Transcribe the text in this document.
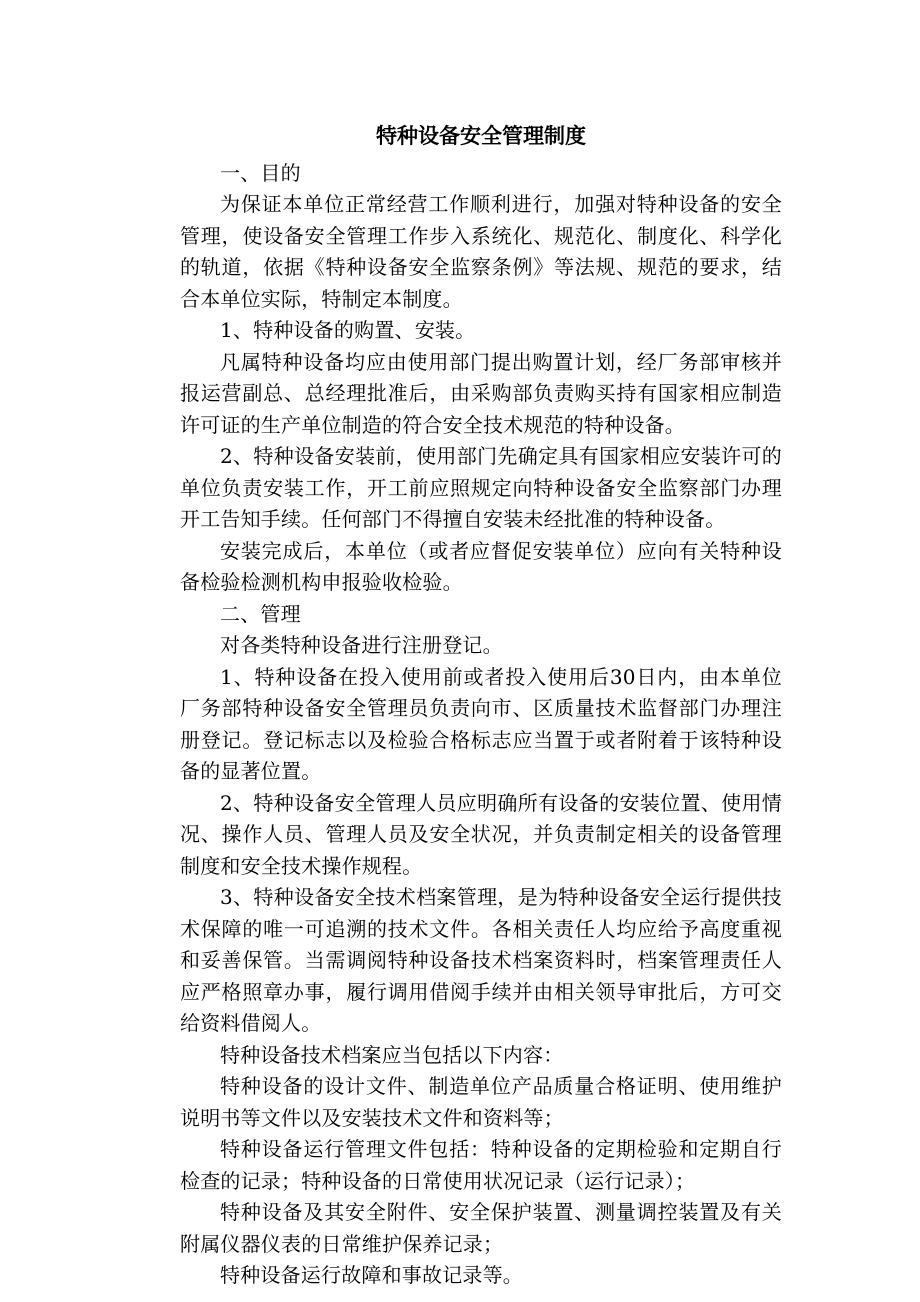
特种设备安全管理制度

一、目的

为保证本单位正常经营工作顺利进行，加强对特种设备的安全管理，使设备安全管理工作步入系统化、规范化、制度化、科学化的轨道，依据《特种设备安全监察条例》等法规、规范的要求，结合本单位实际，特制定本制度。

1、特种设备的购置、安装。

凡属特种设备均应由使用部门提出购置计划，经厂务部审核并报运营副总、总经理批准后，由采购部负责购买持有国家相应制造许可证的生产单位制造的符合安全技术规范的特种设备。

2、特种设备安装前，使用部门先确定具有国家相应安装许可的单位负责安装工作，开工前应照规定向特种设备安全监察部门办理开工告知手续。任何部门不得擅自安装未经批准的特种设备。

安装完成后，本单位（或者应督促安装单位）应向有关特种设备检验检测机构申报验收检验。

二、管理

对各类特种设备进行注册登记。

1、特种设备在投入使用前或者投入使用后30日内，由本单位厂务部特种设备安全管理员负责向市、区质量技术监督部门办理注册登记。登记标志以及检验合格标志应当置于或者附着于该特种设备的显著位置。

2、特种设备安全管理人员应明确所有设备的安装位置、使用情况、操作人员、管理人员及安全状况，并负责制定相关的设备管理制度和安全技术操作规程。

3、特种设备安全技术档案管理，是为特种设备安全运行提供技术保障的唯一可追溯的技术文件。各相关责任人均应给予高度重视和妥善保管。当需调阅特种设备技术档案资料时，档案管理责任人应严格照章办事，履行调用借阅手续并由相关领导审批后，方可交给资料借阅人。

特种设备技术档案应当包括以下内容：

特种设备的设计文件、制造单位产品质量合格证明、使用维护说明书等文件以及安装技术文件和资料等；

特种设备运行管理文件包括：特种设备的定期检验和定期自行检查的记录；特种设备的日常使用状况记录（运行记录）；

特种设备及其安全附件、安全保护装置、测量调控装置及有关附属仪器仪表的日常维护保养记录；

特种设备运行故障和事故记录等。
